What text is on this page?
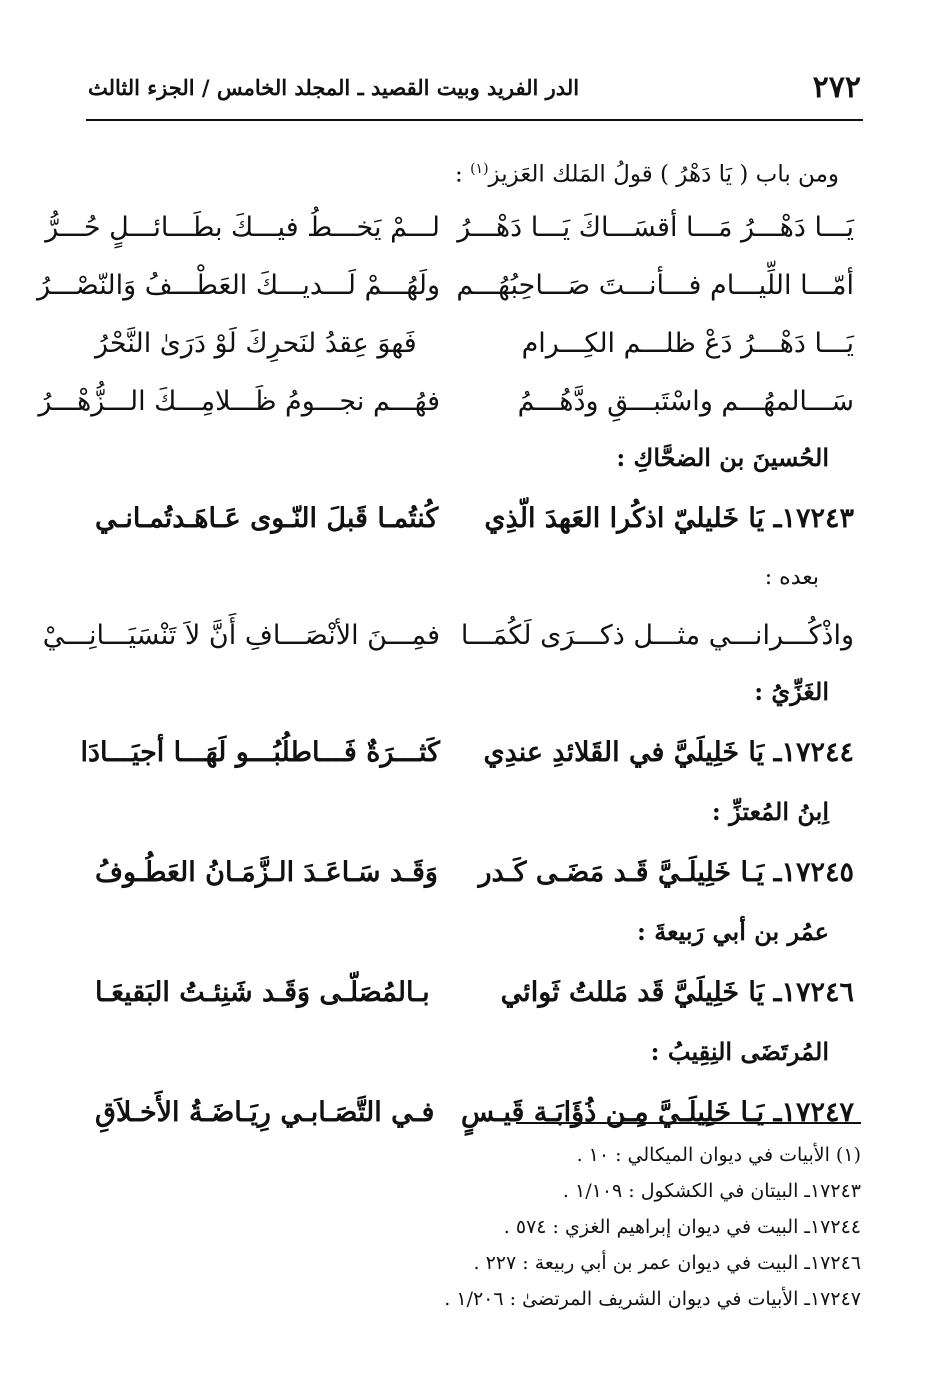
٢٧٢
الدر الفريد وبيت القصيد ـ المجلد الخامس / الجزء الثالث
ومن باب ( يَا دَهْرُ ) قولُ المَلك العَزيز$^{(١)}$ :
يَـــا دَهْـــرُ مَـــا أقسَـــاكَ يَـــا دَهْـــرُ
لـــمْ يَخـــطُ فيـــكَ بطَـــائـــلٍ حُـــرُّ
أمّـــا اللِّيـــام فـــأنـــتَ صَـــاحِبُهُـــم
ولَهُـــمْ لَـــديـــكَ العَطْـــفُ وَالنّصْـــرُ
يَـــا دَهْـــرُ دَعْ ظلـــم الكِـــرام
فَهوَ عِقدُ لنَحرِكَ لَوْ دَرَىٰ النَّحْرُ
سَـــالمهُـــم واسْتَبـــقِ ودَّهُـــمُ
فهُـــم نجـــومُ ظَـــلامِـــكَ الـــزُّهْـــرُ
الحُسينَ بن الضحَّاكِ :
١٧٢٤٣ـ يَا خَليليّ اذكُرا العَهدَ الّذِي
كُنتُمـا قَبلَ النّـوى عَـاهَـدتُمـانـي
بعده :
واذْكُـــرانـــي مثـــل ذكـــرَى لَكُمَـــا
فمِـــنَ الأنْصَـــافِ أَنَّ لاَ تَنْسَيَـــانِـــيْ
الغَزِّيُ :
١٧٢٤٤ـ يَا خَلِيلَيَّ في القَلائدِ عندِي
كَثـــرَةٌ فَـــاطلُبُـــو لَهَـــا أجيَـــادَا
اِبنُ المُعتزِّ :
١٧٢٤٥ـ يَـا خَلِيلَـيَّ قَـد مَضَـى كَـدر
وَقَـد سَـاعَـدَ الـزَّمَـانُ العَطُـوفُ
عمُر بن أبي رَبيعةَ :
١٧٢٤٦ـ يَا خَلِيلَيَّ قَد مَللتُ ثَوائي
بـالمُصَلّـى وَقَـد شَنِئـتُ البَقيعَـا
المُرتَضَى النِقِيبُ :
١٧٢٤٧ـ يَـا خَلِيلَـيَّ مِـن ذُؤَابَـة قَيـسٍ
فـي التَّصَـابـي رِيَـاضَـةُ الأَخـلاَقِ
(١) الأبيات في ديوان الميكالي : ١٠ .
١٧٢٤٣ـ البيتان في الكشكول : ١/١٠٩ .
١٧٢٤٤ـ البيت في ديوان إبراهيم الغزي : ٥٧٤ .
١٧٢٤٦ـ البيت في ديوان عمر بن أبي ربيعة : ٢٢٧ .
١٧٢٤٧ـ الأبيات في ديوان الشريف المرتضىٰ : ١/٢٠٦ .
